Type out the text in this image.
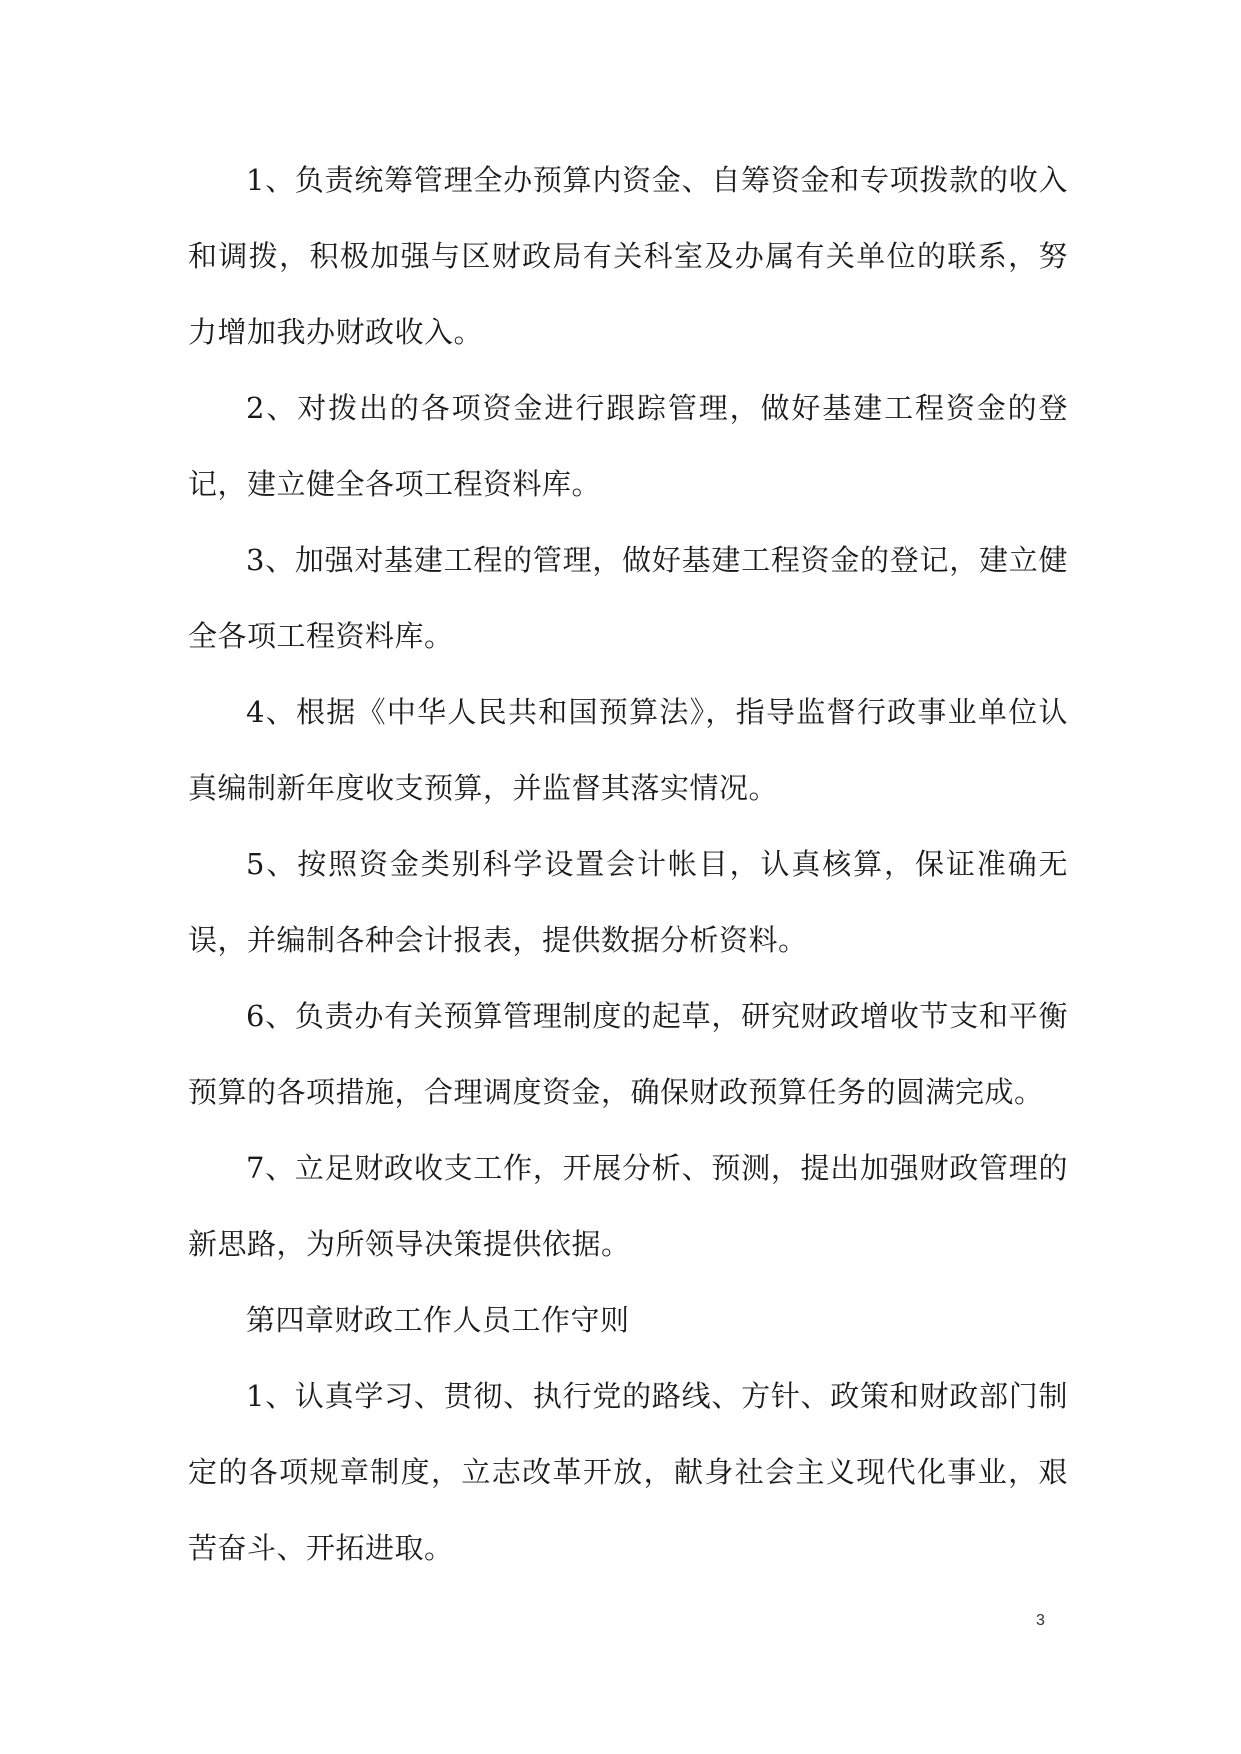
1、负责统筹管理全办预算内资金、自筹资金和专项拨款的收入和调拨，积极加强与区财政局有关科室及办属有关单位的联系，努力增加我办财政收入。

2、对拨出的各项资金进行跟踪管理，做好基建工程资金的登记，建立健全各项工程资料库。

3、加强对基建工程的管理，做好基建工程资金的登记，建立健全各项工程资料库。

4、根据《中华人民共和国预算法》，指导监督行政事业单位认真编制新年度收支预算，并监督其落实情况。

5、按照资金类别科学设置会计帐目，认真核算，保证准确无误，并编制各种会计报表，提供数据分析资料。

6、负责办有关预算管理制度的起草，研究财政增收节支和平衡预算的各项措施，合理调度资金，确保财政预算任务的圆满完成。

7、立足财政收支工作，开展分析、预测，提出加强财政管理的新思路，为所领导决策提供依据。

第四章财政工作人员工作守则

1、认真学习、贯彻、执行党的路线、方针、政策和财政部门制定的各项规章制度，立志改革开放，献身社会主义现代化事业，艰苦奋斗、开拓进取。

3
